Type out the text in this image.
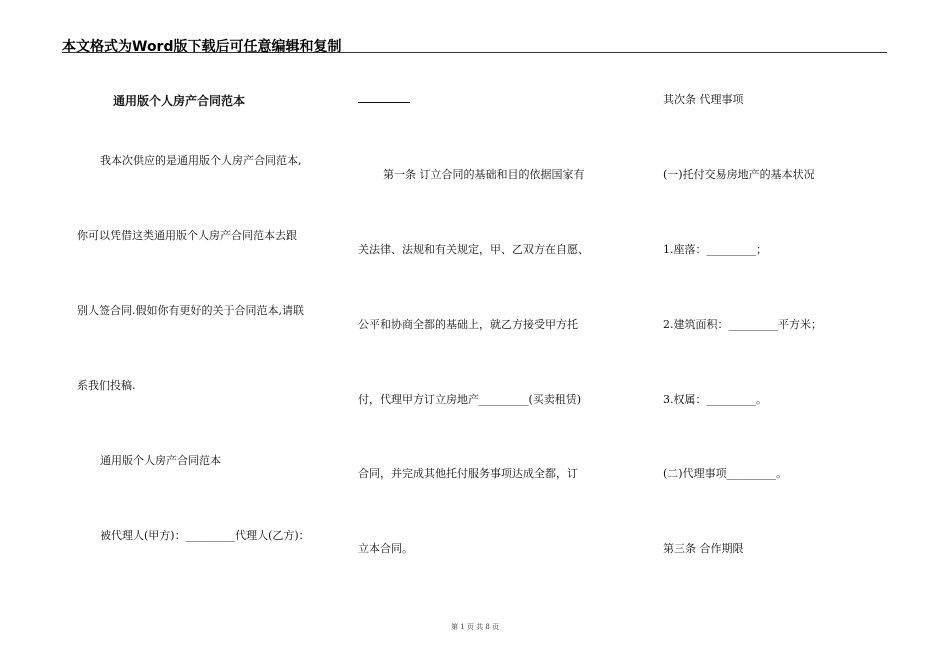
本文格式为Word版下载后可任意编辑和复制
通用版个人房产合同范本
我本次供应的是通用版个人房产合同范本,
你可以凭借这类通用版个人房产合同范本去跟
别人签合同.假如你有更好的关于合同范本,请联
系我们投稿.
通用版个人房产合同范本
被代理人(甲方)：_________代理人(乙方)：
第一条 订立合同的基础和目的依据国家有
关法律、法规和有关规定，甲、乙双方在自愿、
公平和协商全都的基础上，就乙方接受甲方托
付，代理甲方订立房地产_________(买卖租赁)
合同，并完成其他托付服务事项达成全都，订
立本合同。
其次条 代理事项
(一)托付交易房地产的基本状况
1.座落：_________；
2.建筑面积：_________平方米；
3.权属：_________。
(二)代理事项_________。
第三条 合作期限
第 1 页 共 8 页
